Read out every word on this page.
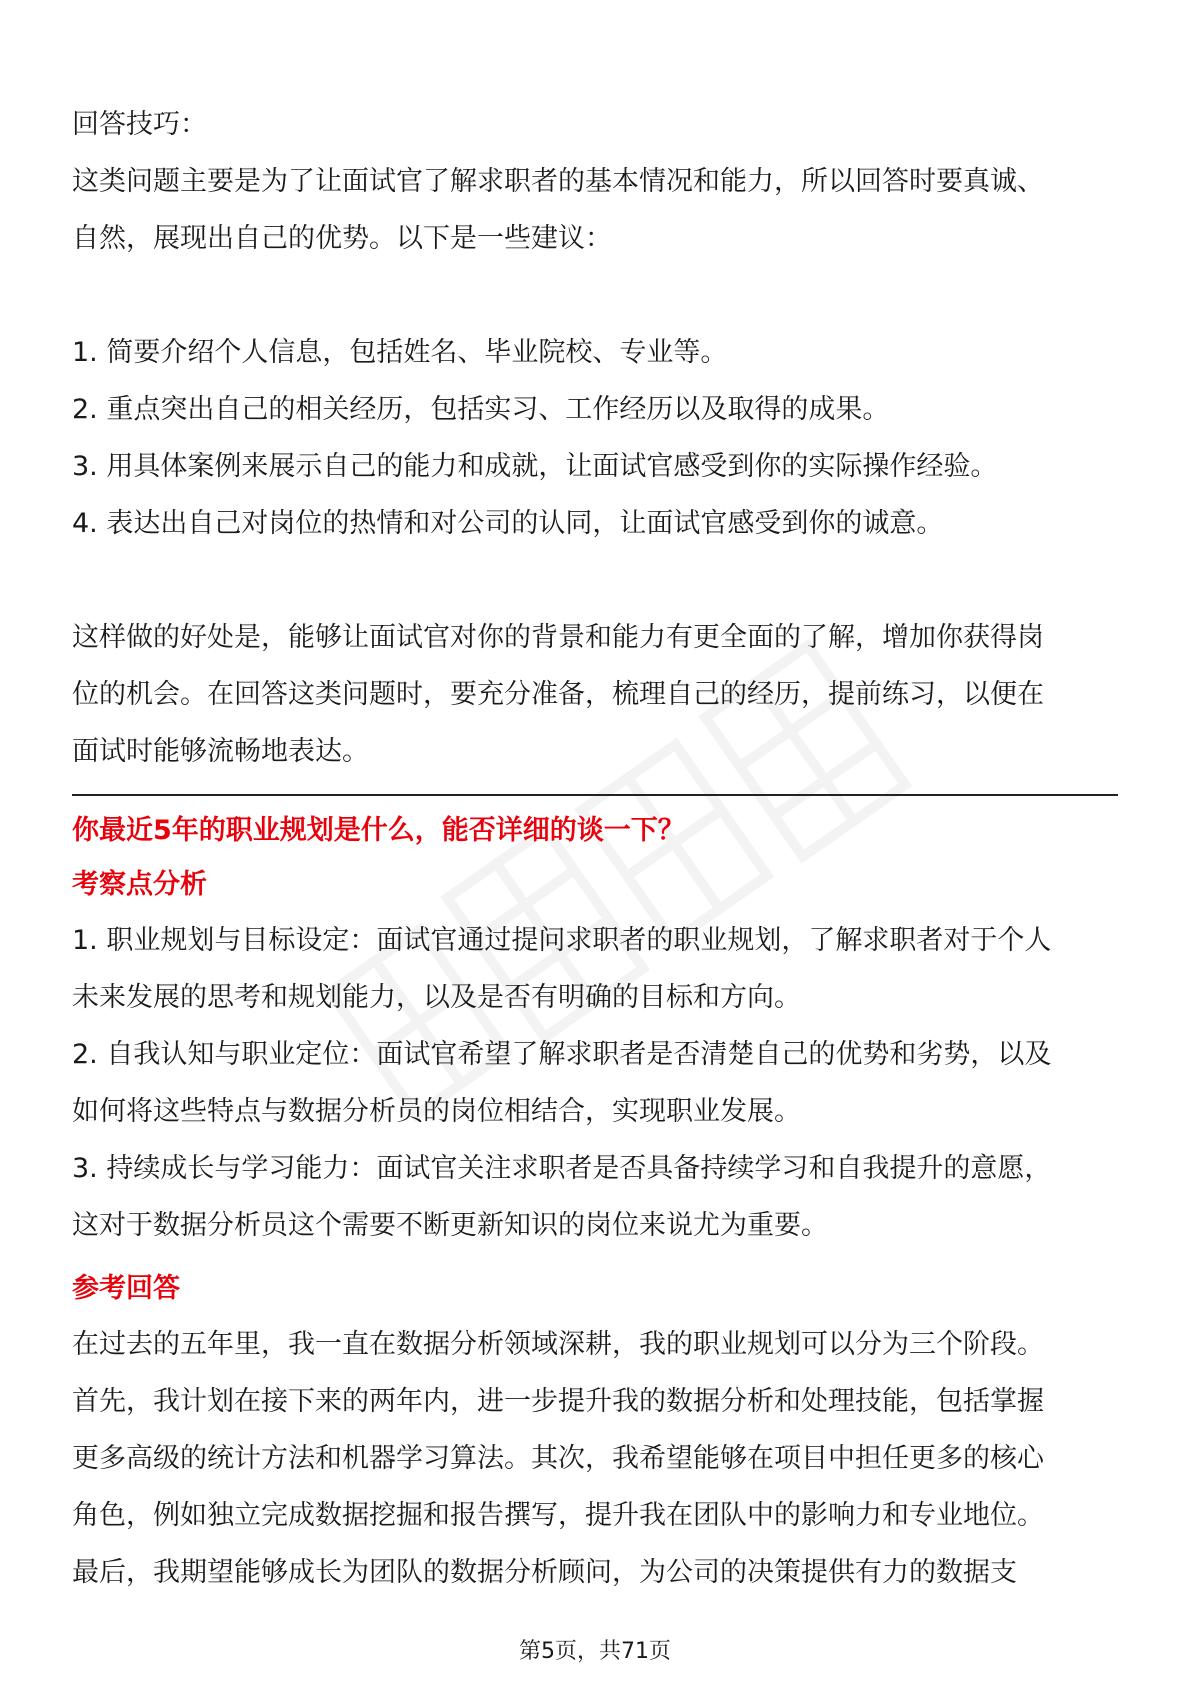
回答技巧：
这类问题主要是为了让面试官了解求职者的基本情况和能力，所以回答时要真诚、
自然，展现出自己的优势。以下是一些建议：
1. 简要介绍个人信息，包括姓名、毕业院校、专业等。
2. 重点突出自己的相关经历，包括实习、工作经历以及取得的成果。
3. 用具体案例来展示自己的能力和成就，让面试官感受到你的实际操作经验。
4. 表达出自己对岗位的热情和对公司的认同，让面试官感受到你的诚意。
这样做的好处是，能够让面试官对你的背景和能力有更全面的了解，增加你获得岗
位的机会。在回答这类问题时，要充分准备，梳理自己的经历，提前练习，以便在
面试时能够流畅地表达。
你最近5年的职业规划是什么，能否详细的谈一下？
考察点分析
1. 职业规划与目标设定：面试官通过提问求职者的职业规划，了解求职者对于个人
未来发展的思考和规划能力，以及是否有明确的目标和方向。
2. 自我认知与职业定位：面试官希望了解求职者是否清楚自己的优势和劣势，以及
如何将这些特点与数据分析员的岗位相结合，实现职业发展。
3. 持续成长与学习能力：面试官关注求职者是否具备持续学习和自我提升的意愿，
这对于数据分析员这个需要不断更新知识的岗位来说尤为重要。
参考回答
在过去的五年里，我一直在数据分析领域深耕，我的职业规划可以分为三个阶段。
首先，我计划在接下来的两年内，进一步提升我的数据分析和处理技能，包括掌握
更多高级的统计方法和机器学习算法。其次，我希望能够在项目中担任更多的核心
角色，例如独立完成数据挖掘和报告撰写，提升我在团队中的影响力和专业地位。
最后，我期望能够成长为团队的数据分析顾问，为公司的决策提供有力的数据支
第5页，共71页
